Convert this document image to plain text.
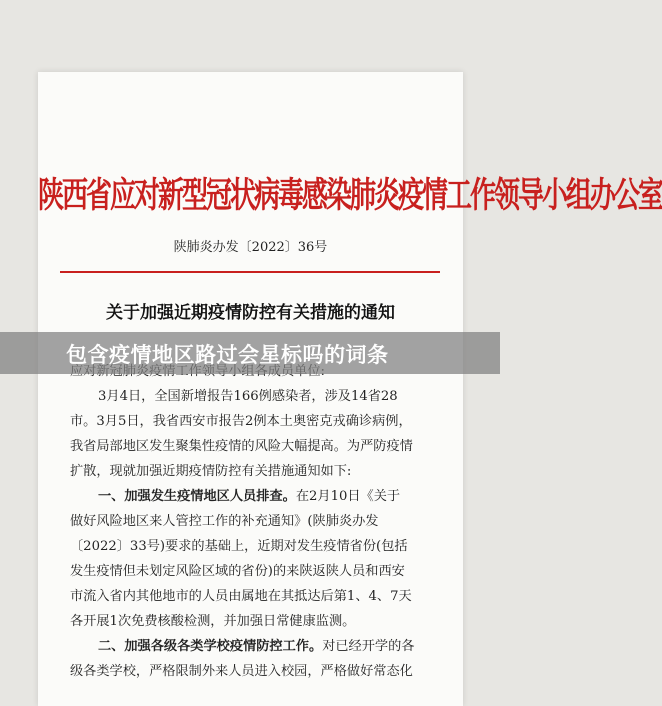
陕西省应对新型冠状病毒感染肺炎疫情工作领导小组办公室
陕肺炎办发〔2022〕36号
关于加强近期疫情防控有关措施的通知
3月4日，全国新增报告166例感染者，涉及14省28
市。3月5日，我省西安市报告2例本土奥密克戎确诊病例，
我省局部地区发生聚集性疫情的风险大幅提高。为严防疫情
扩散，现就加强近期疫情防控有关措施通知如下:
一、加强发生疫情地区人员排查。在2月10日《关于
做好风险地区来人管控工作的补充通知》(陕肺炎办发
〔2022〕33号)要求的基础上，近期对发生疫情省份(包括
发生疫情但未划定风险区域的省份)的来陕返陕人员和西安
市流入省内其他地市的人员由属地在其抵达后第1、4、7天
各开展1次免费核酸检测，并加强日常健康监测。
二、加强各级各类学校疫情防控工作。对已经开学的各
级各类学校，严格限制外来人员进入校园，严格做好常态化
包含疫情地区路过会星标吗的词条
